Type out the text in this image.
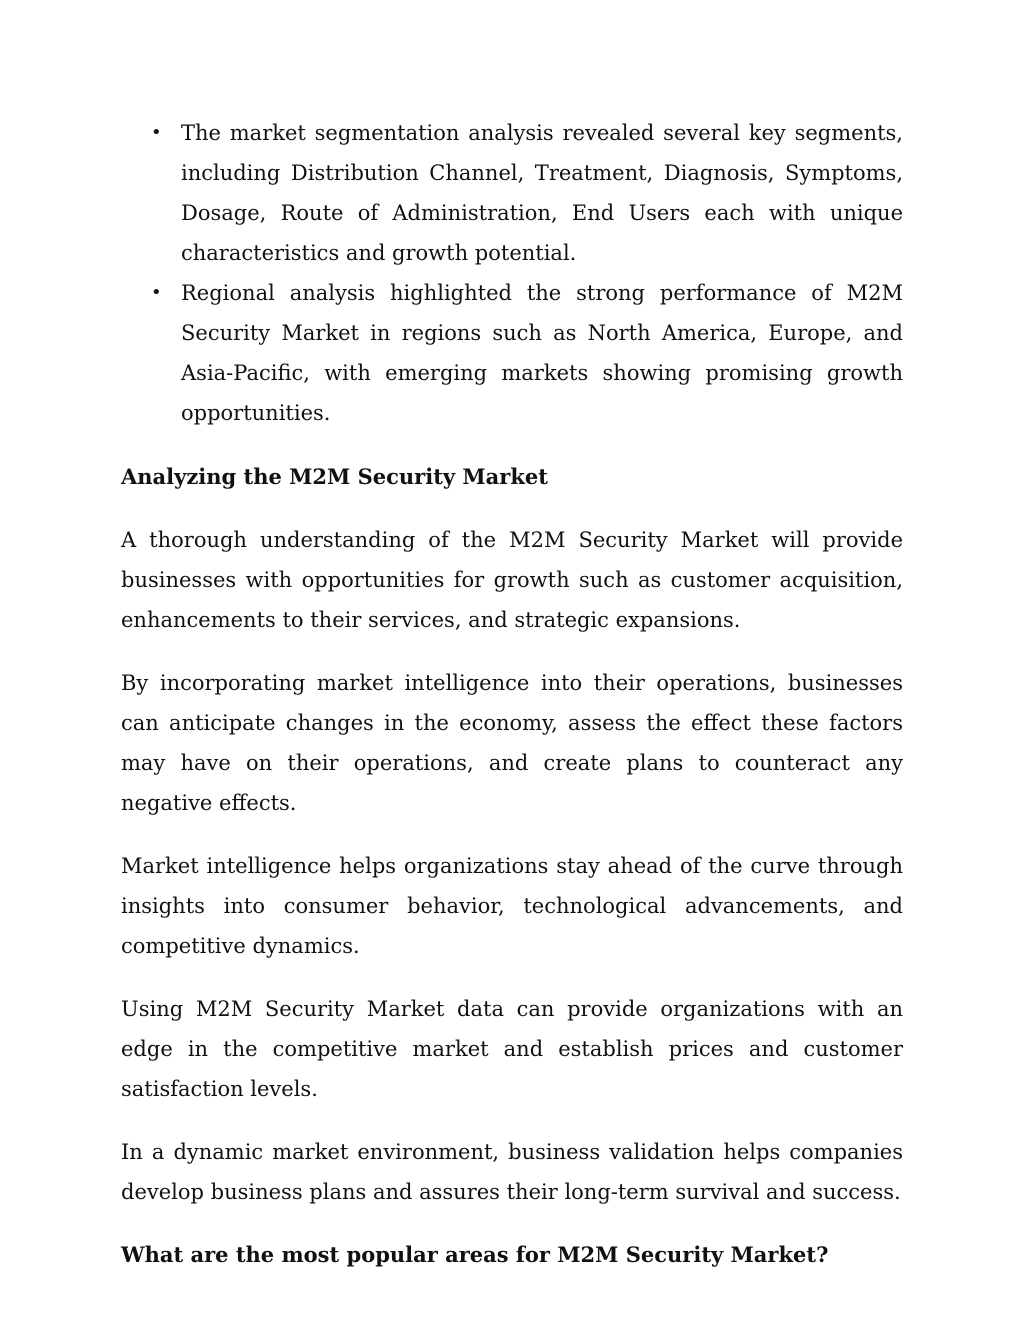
• The market segmentation analysis revealed several key segments, including Distribution Channel, Treatment, Diagnosis, Symptoms, Dosage, Route of Administration, End Users each with unique characteristics and growth potential.
• Regional analysis highlighted the strong performance of M2M Security Market in regions such as North America, Europe, and Asia-Pacific, with emerging markets showing promising growth opportunities.
Analyzing the M2M Security Market

A thorough understanding of the M2M Security Market will provide businesses with opportunities for growth such as customer acquisition, enhancements to their services, and strategic expansions.

By incorporating market intelligence into their operations, businesses can anticipate changes in the economy, assess the effect these factors may have on their operations, and create plans to counteract any negative effects.

Market intelligence helps organizations stay ahead of the curve through insights into consumer behavior, technological advancements, and competitive dynamics.

Using M2M Security Market data can provide organizations with an edge in the competitive market and establish prices and customer satisfaction levels.

In a dynamic market environment, business validation helps companies develop business plans and assures their long-term survival and success.

What are the most popular areas for M2M Security Market?
